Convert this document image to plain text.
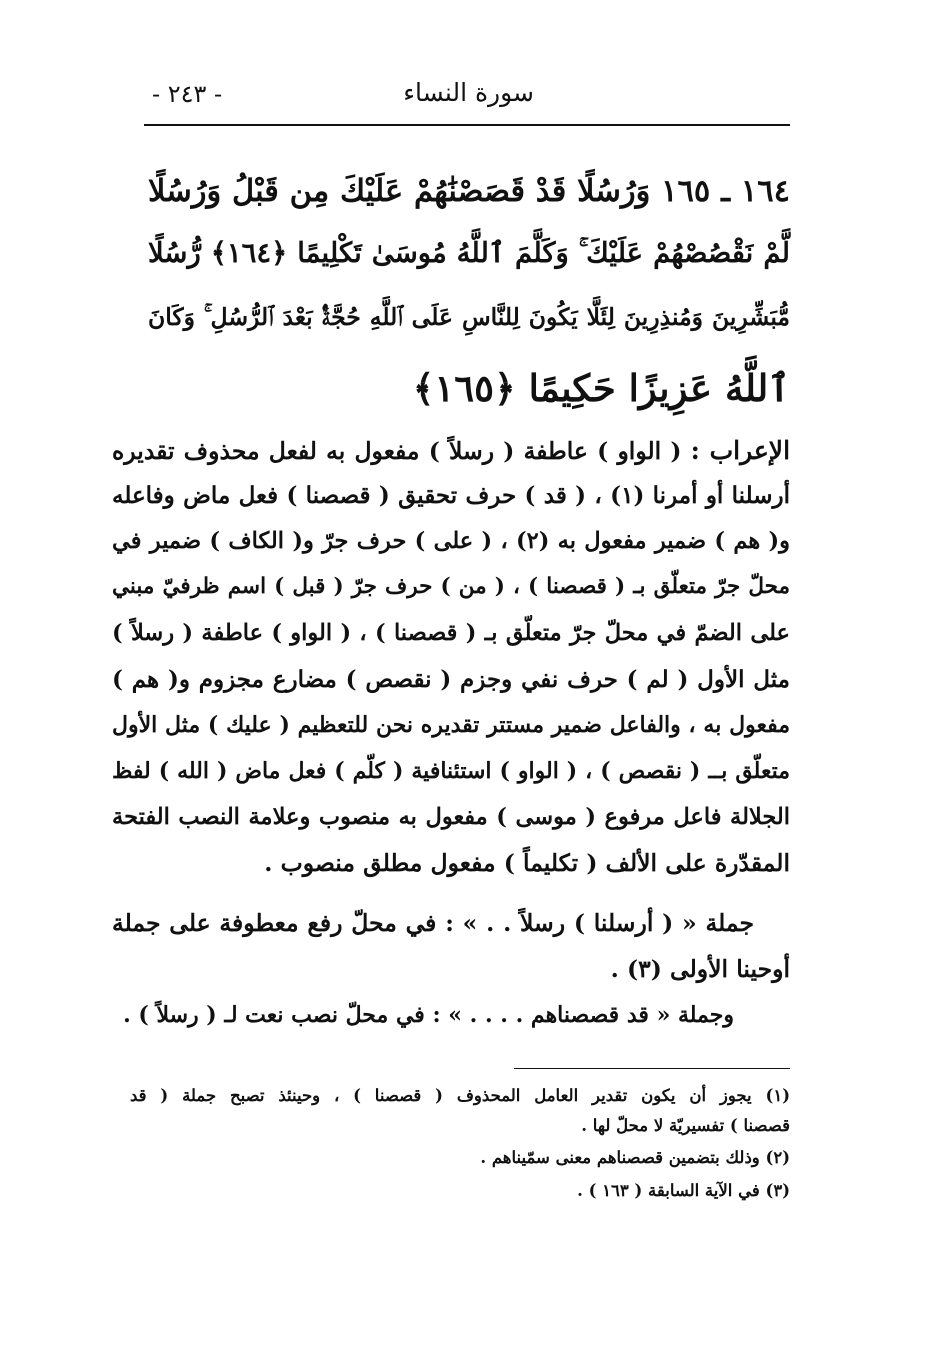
سورة النساء
- ٢٤٣ -
١٦٤ ـ ١٦٥ وَرُسُلًا قَدْ قَصَصْنَٰهُمْ عَلَيْكَ مِن قَبْلُ وَرُسُلًا
لَّمْ نَقْصُصْهُمْ عَلَيْكَ ۚ وَكَلَّمَ ٱللَّهُ مُوسَىٰ تَكْلِيمًا ﴿١٦٤﴾ رُّسُلًا
مُّبَشِّرِينَ وَمُنذِرِينَ لِئَلَّا يَكُونَ لِلنَّاسِ عَلَى ٱللَّهِ حُجَّةٌۢ بَعْدَ ٱلرُّسُلِ ۚ وَكَانَ
ٱللَّهُ عَزِيزًا حَكِيمًا ﴿١٦٥﴾
الإعراب : ( الواو ) عاطفة ( رسلاً ) مفعول به لفعل محذوف تقديره
أرسلنا أو أمرنا (١) ، ( قد ) حرف تحقيق ( قصصنا ) فعل ماض وفاعله
و( هم ) ضمير مفعول به (٢) ، ( على ) حرف جرّ و( الكاف ) ضمير في
محلّ جرّ متعلّق بـ ( قصصنا ) ، ( من ) حرف جرّ ( قبل ) اسم ظرفيّ مبني
على الضمّ في محلّ جرّ متعلّق بـ ( قصصنا ) ، ( الواو ) عاطفة ( رسلاً )
مثل الأول ( لم ) حرف نفي وجزم ( نقصص ) مضارع مجزوم و( هم )
مفعول به ، والفاعل ضمير مستتر تقديره نحن للتعظيم ( عليك ) مثل الأول
متعلّق بــ ( نقصص ) ، ( الواو ) استئنافية ( كلّم ) فعل ماض ( الله ) لفظ
الجلالة فاعل مرفوع ( موسى ) مفعول به منصوب وعلامة النصب الفتحة
المقدّرة على الألف ( تكليماً ) مفعول مطلق منصوب .
جملة « ( أرسلنا ) رسلاً . . » : في محلّ رفع معطوفة على جملة
أوحينا الأولى (٣) .
وجملة « قد قصصناهم . . . . » : في محلّ نصب نعت لـ ( رسلاً ) .
(١) يجوز أن يكون تقدير العامل المحذوف ( قصصنا ) ، وحينئذ تصبح جملة ( قد
قصصنا ) تفسيريّة لا محلّ لها .
(٢) وذلك بتضمين قصصناهم معنى سمّيناهم .
(٣) في الآية السابقة ( ١٦٣ ) .
